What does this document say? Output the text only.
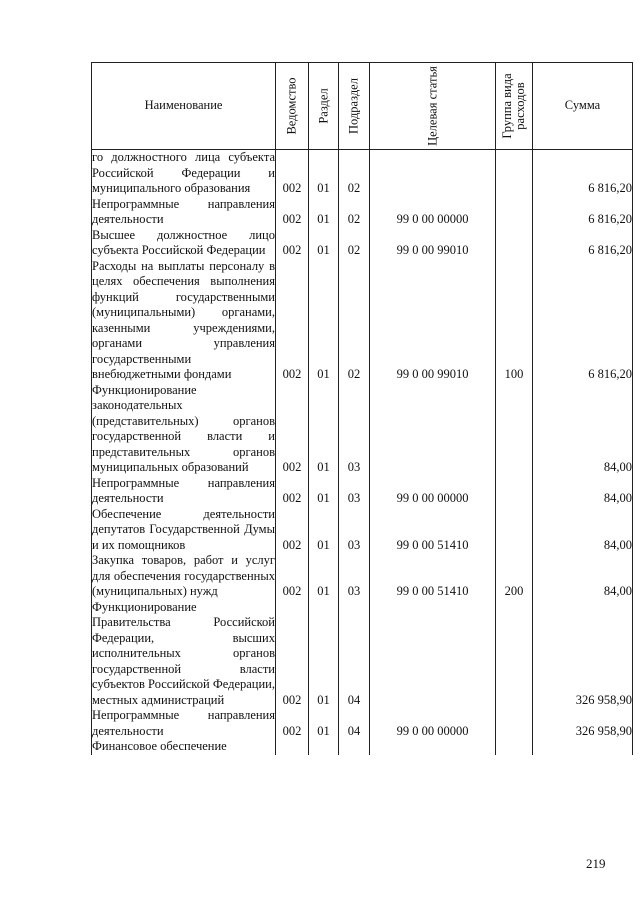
Наименование	Ведомство	Раздел	Подраздел	Целевая статья	Группа вида расходов	Сумма

го должностного лица субъекта Российской Федерации и муниципального образования	002	01	02			6 816,20

Непрограммные направления деятельности	002	01	02	99 0 00 00000		6 816,20

Высшее должностное лицо субъекта Российской Федерации	002	01	02	99 0 00 99010		6 816,20

Расходы на выплаты персоналу в целях обеспечения выполнения функций государственными (муниципальными) органами, казенными учреждениями, органами управления государственными внебюджетными фондами	002	01	02	99 0 00 99010	100	6 816,20

Функционирование законодательных (представительных) органов государственной власти и представительных органов муниципальных образований	002	01	03			84,00

Непрограммные направления деятельности	002	01	03	99 0 00 00000		84,00

Обеспечение деятельности депутатов Государственной Думы и их помощников	002	01	03	99 0 00 51410		84,00

Закупка товаров, работ и услуг для обеспечения государственных (муниципальных) нужд	002	01	03	99 0 00 51410	200	84,00

Функционирование Правительства Российской Федерации, высших исполнительных органов государственной власти субъектов Российской Федерации, местных администраций	002	01	04			326 958,90

Непрограммные направления деятельности	002	01	04	99 0 00 00000		326 958,90

Финансовое обеспечение						

219
